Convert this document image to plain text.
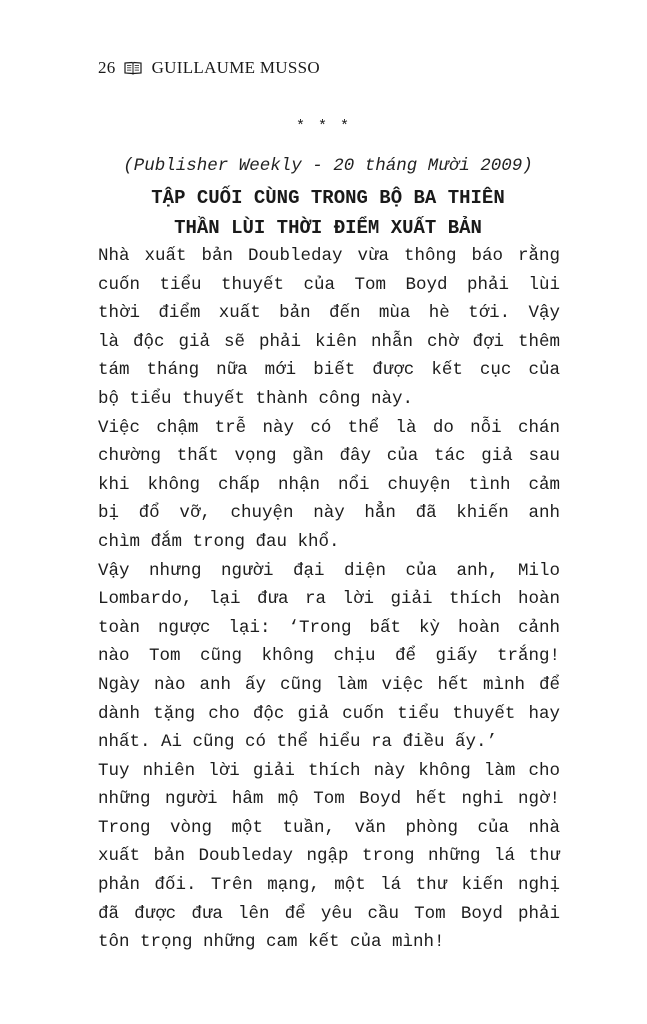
26 GUILLAUME MUSSO
* * *
(Publisher Weekly - 20 tháng Mười 2009)
TẬP CUỐI CÙNG TRONG BỘ BA THIÊN
THẦN LÙI THỜI ĐIỂM XUẤT BẢN
Nhà xuất bản Doubleday vừa thông báo rằng
cuốn tiểu thuyết của Tom Boyd phải lùi
thời điểm xuất bản đến mùa hè tới. Vậy
là độc giả sẽ phải kiên nhẫn chờ đợi thêm
tám tháng nữa mới biết được kết cục của
bộ tiểu thuyết thành công này.
Việc chậm trễ này có thể là do nỗi chán
chường thất vọng gần đây của tác giả sau
khi không chấp nhận nổi chuyện tình cảm
bị đổ vỡ, chuyện này hẳn đã khiến anh
chìm đắm trong đau khổ.
Vậy nhưng người đại diện của anh, Milo
Lombardo, lại đưa ra lời giải thích hoàn
toàn ngược lại: ‘Trong bất kỳ hoàn cảnh
nào Tom cũng không chịu để giấy trắng!
Ngày nào anh ấy cũng làm việc hết mình để
dành tặng cho độc giả cuốn tiểu thuyết hay
nhất. Ai cũng có thể hiểu ra điều ấy.’
Tuy nhiên lời giải thích này không làm cho
những người hâm mộ Tom Boyd hết nghi ngờ!
Trong vòng một tuần, văn phòng của nhà
xuất bản Doubleday ngập trong những lá thư
phản đối. Trên mạng, một lá thư kiến nghị
đã được đưa lên để yêu cầu Tom Boyd phải
tôn trọng những cam kết của mình!
